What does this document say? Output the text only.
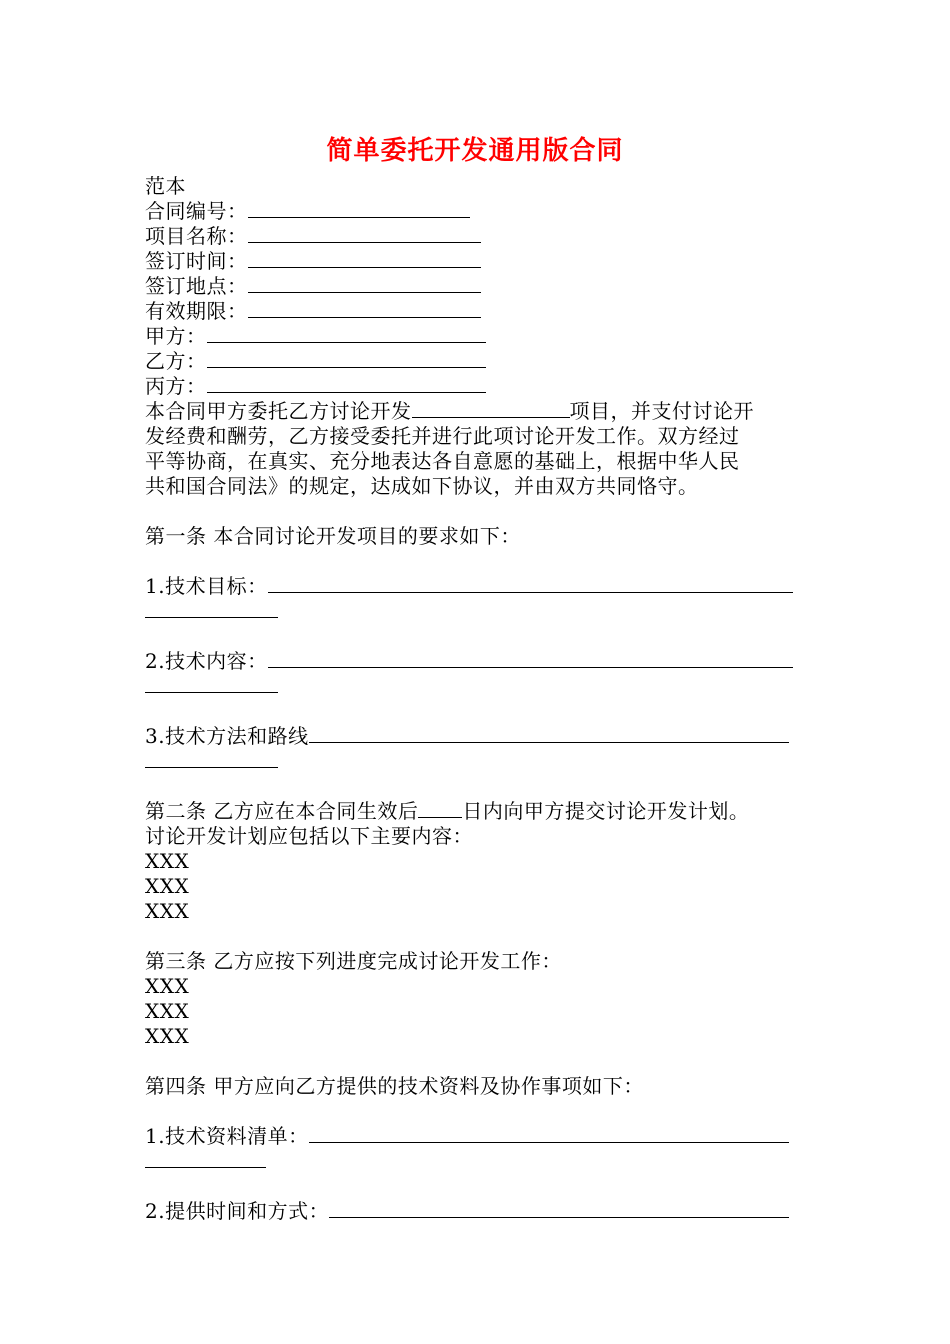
简单委托开发通用版合同
范本
合同编号：
项目名称：
签订时间：
签订地点：
有效期限：
甲方：
乙方：
丙方：
本合同甲方委托乙方讨论开发	项目，并支付讨论开
发经费和酬劳，乙方接受委托并进行此项讨论开发工作。双方经过
平等协商，在真实、充分地表达各自意愿的基础上，根据中华人民
共和国合同法》的规定，达成如下协议，并由双方共同恪守。
第一条 本合同讨论开发项目的要求如下：
1.技术目标：
2.技术内容：
3.技术方法和路线
第二条 乙方应在本合同生效后 日内向甲方提交讨论开发计划。
讨论开发计划应包括以下主要内容：
XXX
XXX
XXX
第三条 乙方应按下列进度完成讨论开发工作：
XXX
XXX
XXX
第四条 甲方应向乙方提供的技术资料及协作事项如下：
1.技术资料清单：
2.提供时间和方式：
